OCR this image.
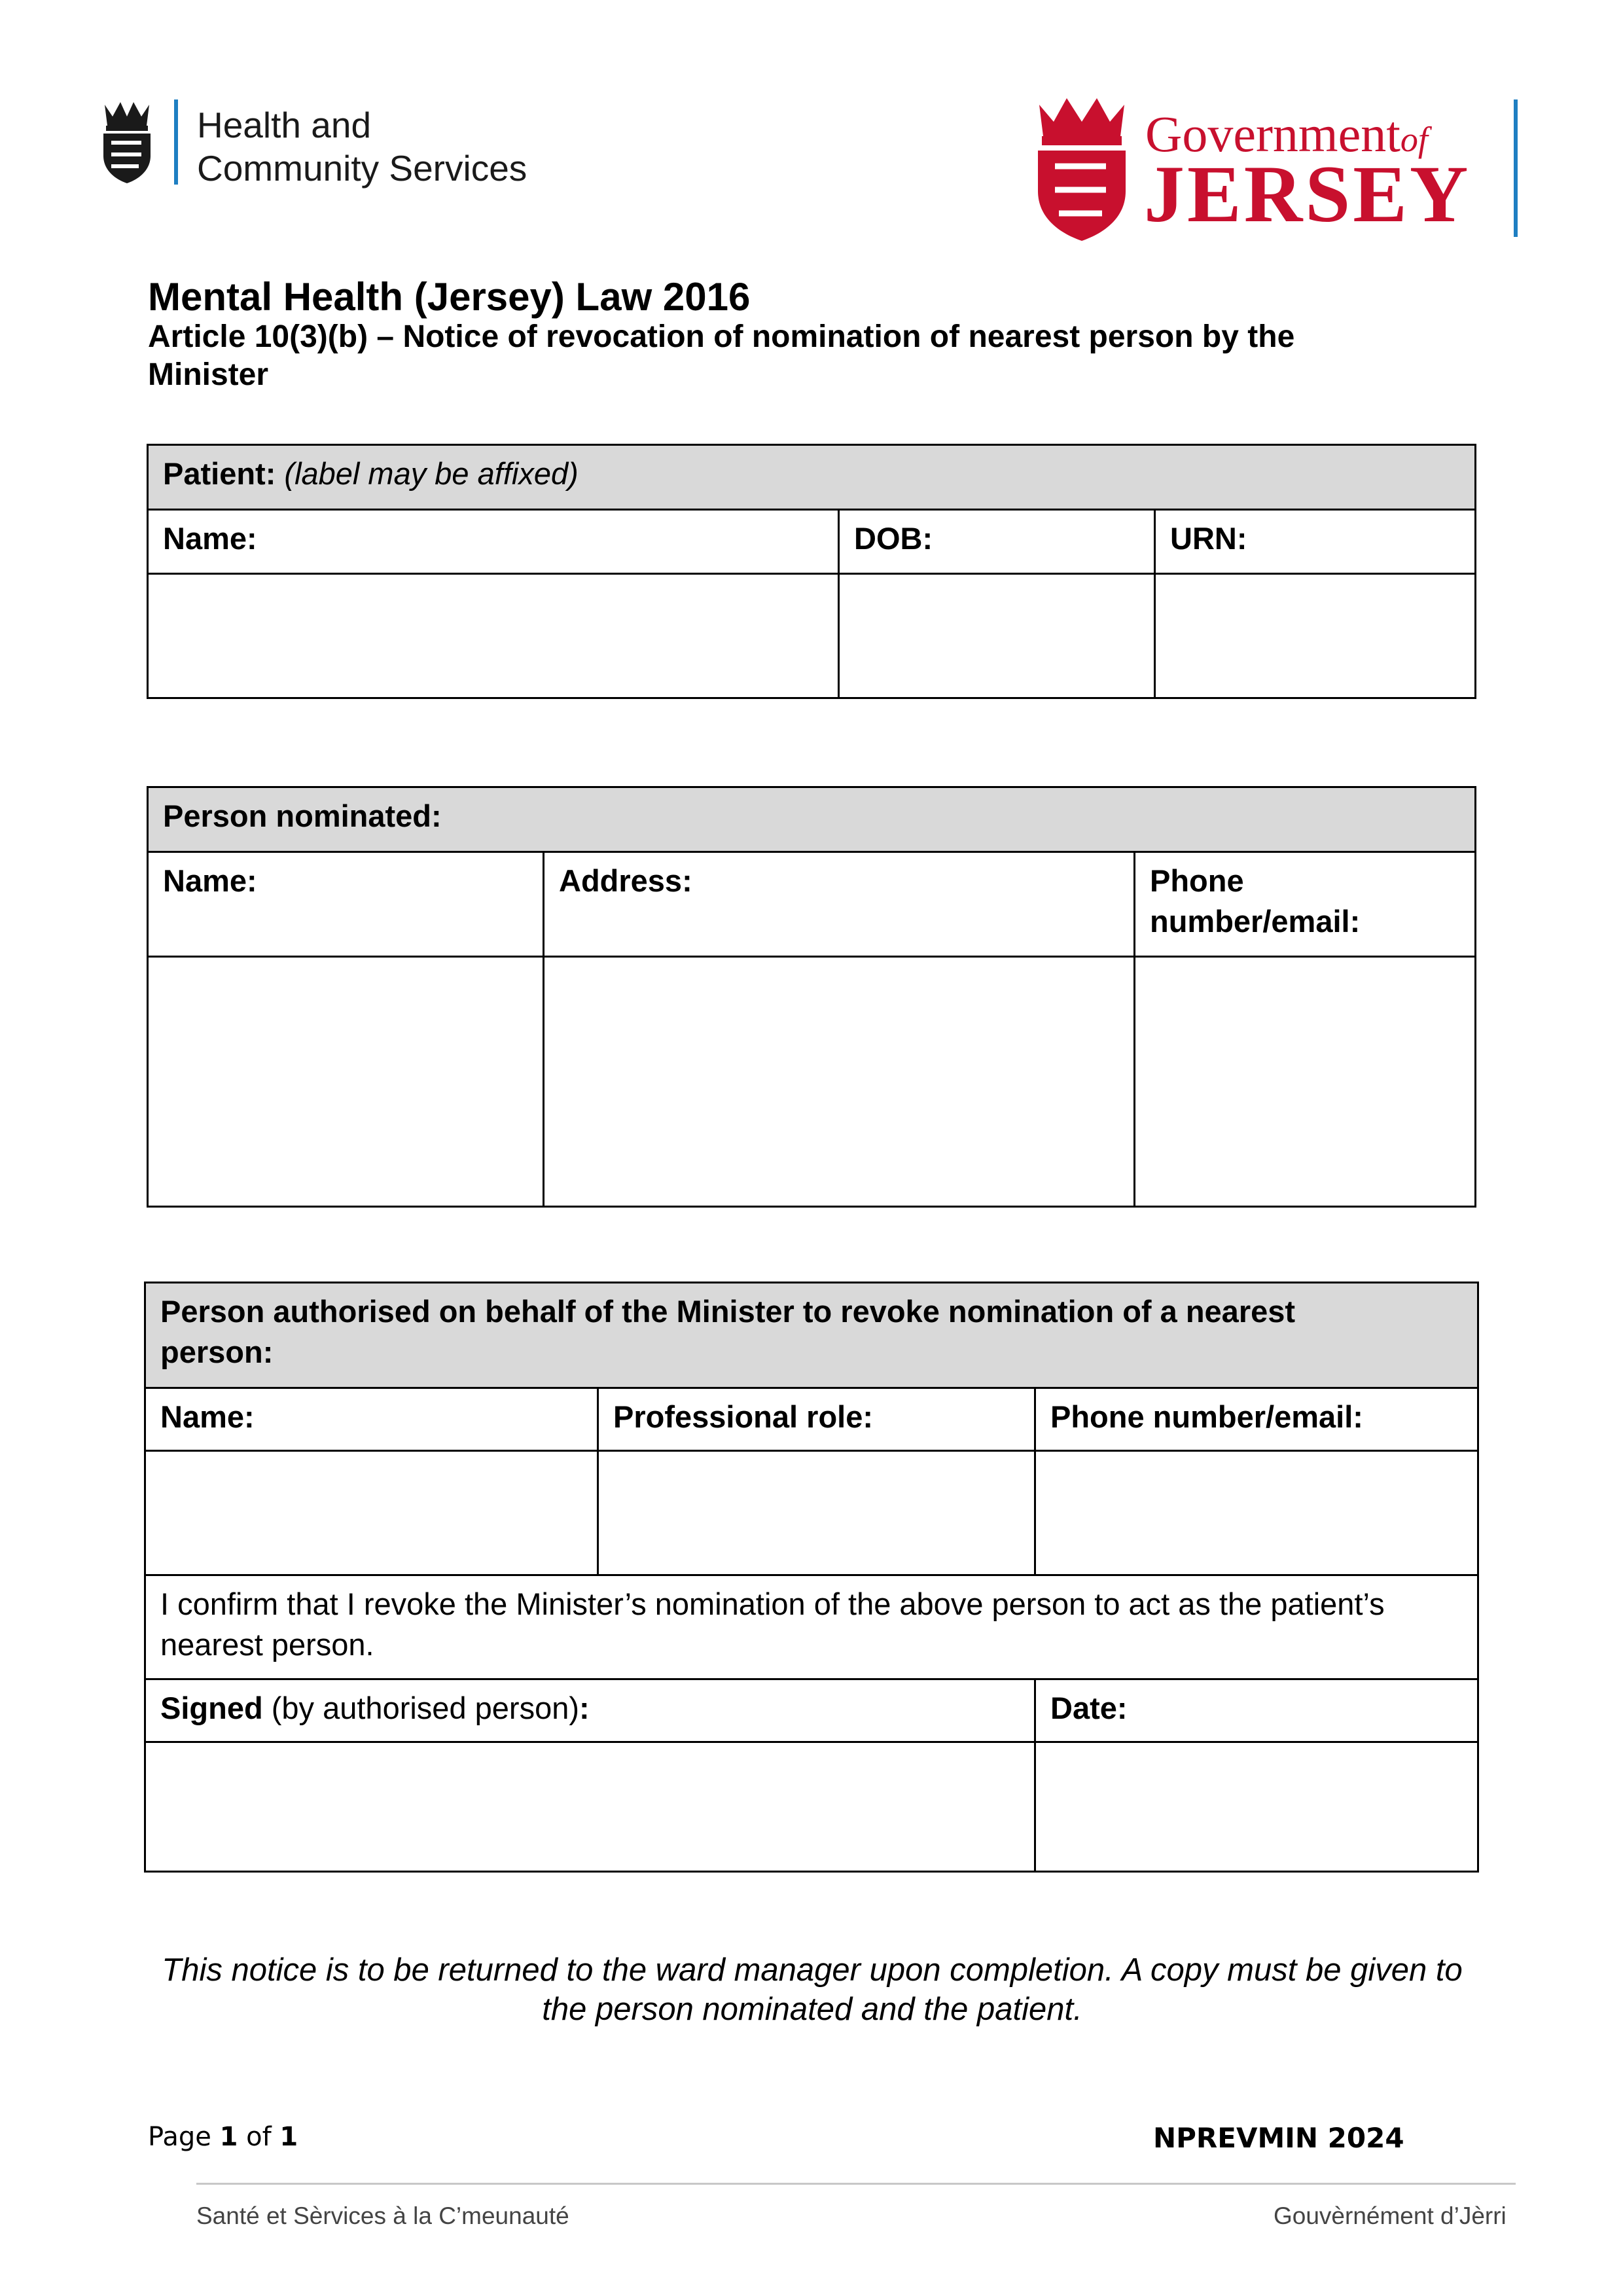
Health and
Community Services
Governmentof
JERSEY
Mental Health (Jersey) Law 2016
Article 10(3)(b) – Notice of revocation of nomination of nearest person by the Minister
Patient: (label may be affixed)
Name:	DOB:	URN:
Person nominated:
Name:	Address:	Phone number/email:
Person authorised on behalf of the Minister to revoke nomination of a nearest person:
Name:	Professional role:	Phone number/email:
I confirm that I revoke the Minister’s nomination of the above person to act as the patient’s nearest person.
Signed (by authorised person):	Date:
This notice is to be returned to the ward manager upon completion. A copy must be given to the person nominated and the patient.
Page 1 of 1	NPREVMIN 2024
Santé et Sèrvices à la C’meunauté	Gouvèrnément d’Jèrri
